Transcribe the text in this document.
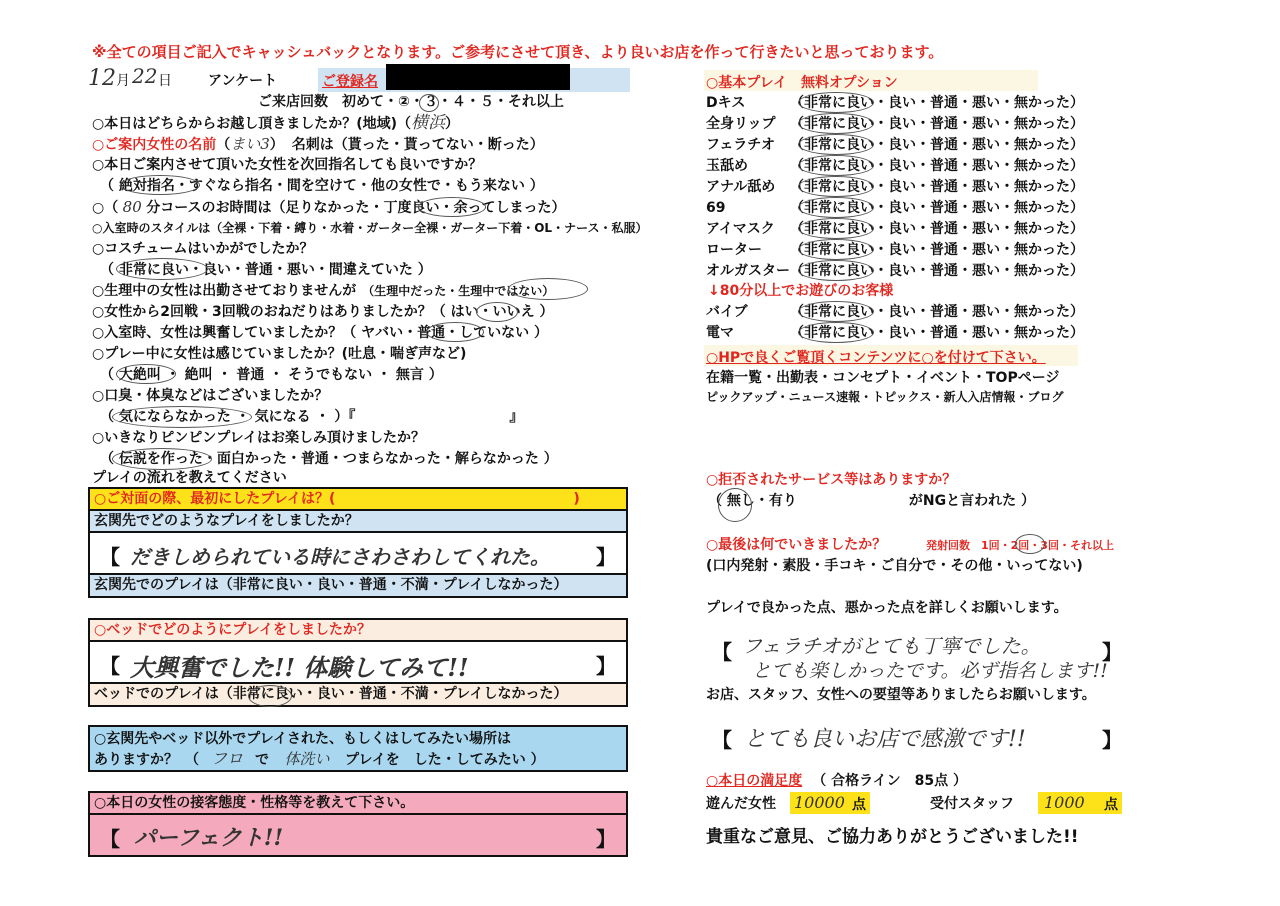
※全ての項目ご記入でキャッシュバックとなります。ご参考にさせて頂き、より良いお店を作って行きたいと思っております。
12 月 22 日	アンケート	ご登録名
ご来店回数　初めて・②・３・４・５・それ以上
○本日はどちらからお越し頂きましたか？(地域)（横浜）
○ご案内女性の名前（まい3） 名刺は（貰った・貰ってない・断った）
○本日ご案内させて頂いた女性を次回指名しても良いですか？
（ 絶対指名・すぐなら指名・間を空けて・他の女性で・もう来ない ）
○（ 80 分コースのお時間は（足りなかった・丁度良い・余ってしまった）
○入室時のスタイルは（全裸・下着・縛り・水着・ガーター全裸・ガーター下着・OL・ナース・私服）
○コスチュームはいかがでしたか？
（ 非常に良い・良い・普通・悪い・間違えていた ）
○生理中の女性は出勤させておりませんが （生理中だった・生理中ではない）
○女性から2回戦・3回戦のおねだりはありましたか？（ はい・いいえ ）
○入室時、女性は興奮していましたか？（ ヤバい・普通・していない ）
○プレー中に女性は感じていましたか？(吐息・喘ぎ声など)
（ 大絶叫 ・ 絶叫 ・ 普通 ・ そうでもない ・ 無言 ）
○口臭・体臭などはございましたか？
（ 気にならなかった ・ 気になる ・ ）『　　　　　　　　　　　』
○いきなりピンピンプレイはお楽しみ頂けましたか？
（ 伝説を作った・面白かった・普通・つまらなかった・解らなかった ）
プレイの流れを教えてください
○ご対面の際、最初にしたプレイは？(　　　　　　　　　　　　　　　　　)
玄関先でどのようなプレイをしましたか？
【 だきしめられている時にさわさわしてくれた。 】
玄関先でのプレイは（非常に良い・良い・普通・不満・プレイしなかった）
○ベッドでどのようにプレイをしましたか？
【 大興奮でした!! 体験してみて!!	】
ベッドでのプレイは（非常に良い・良い・普通・不満・プレイしなかった）
○玄関先やベッド以外でプレイされた、もしくはしてみたい場所は
ありますか？　（ フロ で 体洗い プレイを　した・してみたい ）
○本日の女性の接客態度・性格等を教えて下さい。
【 パーフェクト!!	】
○基本プレイ　無料オプション
Dキス	（非常に良い・良い・普通・悪い・無かった）
全身リップ （非常に良い・良い・普通・悪い・無かった）
フェラチオ （非常に良い・良い・普通・悪い・無かった）
玉舐め	（非常に良い・良い・普通・悪い・無かった）
アナル舐め （非常に良い・良い・普通・悪い・無かった）
69	（非常に良い・良い・普通・悪い・無かった）
アイマスク （非常に良い・良い・普通・悪い・無かった）
ローター （非常に良い・良い・普通・悪い・無かった）
オルガスター （非常に良い・良い・普通・悪い・無かった）
↓80分以上でお遊びのお客様
バイブ	（非常に良い・良い・普通・悪い・無かった）
電マ	（非常に良い・良い・普通・悪い・無かった）
○HPで良くご覧頂くコンテンツに○を付けて下さい。
在籍一覧・出勤表・コンセプト・イベント・TOPページ
ピックアップ・ニュース速報・トピックス・新人入店情報・ブログ
○拒否されたサービス等はありますか？
（ 無し・有り　　　　　　　　がNGと言われた ）
○最後は何でいきましたか？	発射回数　1回・2回・3回・それ以上
(口内発射・素股・手コキ・ご自分で・その他・いってない)
プレイで良かった点、悪かった点を詳しくお願いします。
【 フェラチオがとても丁寧でした。
とても楽しかったです。必ず指名します!!
】
お店、スタッフ、女性への要望等ありましたらお願いします。
【 とても良いお店で感激です!!	】
○本日の満足度 （ 合格ライン　85点 ）
遊んだ女性 10000 点	受付スタッフ 1000 点
貴重なご意見、ご協力ありがとうございました!!
